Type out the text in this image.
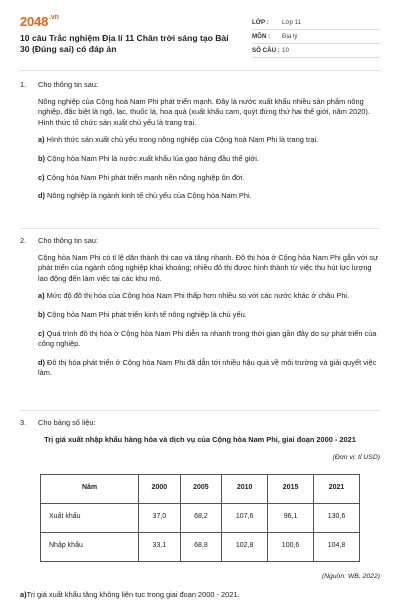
$2048^{.vn}$
10 câu Trắc nghiệm Địa lí 11 Chân trời sáng tạo Bài 30 (Đúng sai) có đáp án
LỚP :	Lớp 11
MÔN :	Địa lý
SỐ CÂU : 10
1.	Cho thông tin sau:
Nông nghiệp của Cộng hoà Nam Phi phát triển mạnh. Đây là nước xuất khẩu nhiều sản phẩm nông nghiệp, đặc biệt là ngô, lạc, thuốc lá, hoa quả (xuất khẩu cam, quýt đứng thứ hai thế giới, năm 2020). Hình thức tổ chức sản xuất chủ yếu là trang trại.
a) Hình thức sản xuất chủ yếu trong nông nghiệp của Cộng hoà Nam Phi là trang trại.
b) Cộng hòa Nam Phi là nước xuất khẩu lúa gạo hàng đầu thế giới.
c) Cộng hòa Nam Phi phát triển mạnh nền nông nghiệp ôn đới.
d) Nông nghiệp là ngành kinh tế chủ yếu của Cộng hòa Nam Phi.
2.	Cho thông tin sau:
Cộng hòa Nam Phi có tỉ lệ dân thành thị cao và tăng nhanh. Đô thị hóa ở Cộng hòa Nam Phi gắn với sự phát triển của ngành công nghiệp khai khoáng; nhiều đô thị được hình thành từ việc thu hút lực lượng lao động đến làm việc tại các khu mỏ.
a) Mức độ đô thị hóa của Cộng hòa Nam Phi thấp hơn nhiều so với các nước khác ở châu Phi.
b) Cộng hòa Nam Phi phát triển kinh tế nông nghiệp là chủ yếu.
c) Quá trình đô thị hóa ở Cộng hòa Nam Phi diễn ra nhanh trong thời gian gần đây do sự phát triển của công nghiệp.
d) Đô thị hóa phát triển ở Cộng hòa Nam Phi đã dẫn tới nhiều hậu quả về môi trường và giải quyết việc làm.
3.	Cho bảng số liệu:
Trị giá xuất nhập khẩu hàng hóa và dịch vụ của Cộng hòa Nam Phi, giai đoạn 2000 - 2021
(Đơn vị: tỉ USD)
Năm	2000	2005	2010	2015	2021
Xuất khẩu	37,0	68,2	107,6	96,1	130,6
Nhập khẩu	33,1	68,8	102,8	100,6	104,8
(Nguồn: WB, 2022)
a)Trị giá xuất khẩu tăng không liên tục trong giai đoạn 2000 - 2021.
